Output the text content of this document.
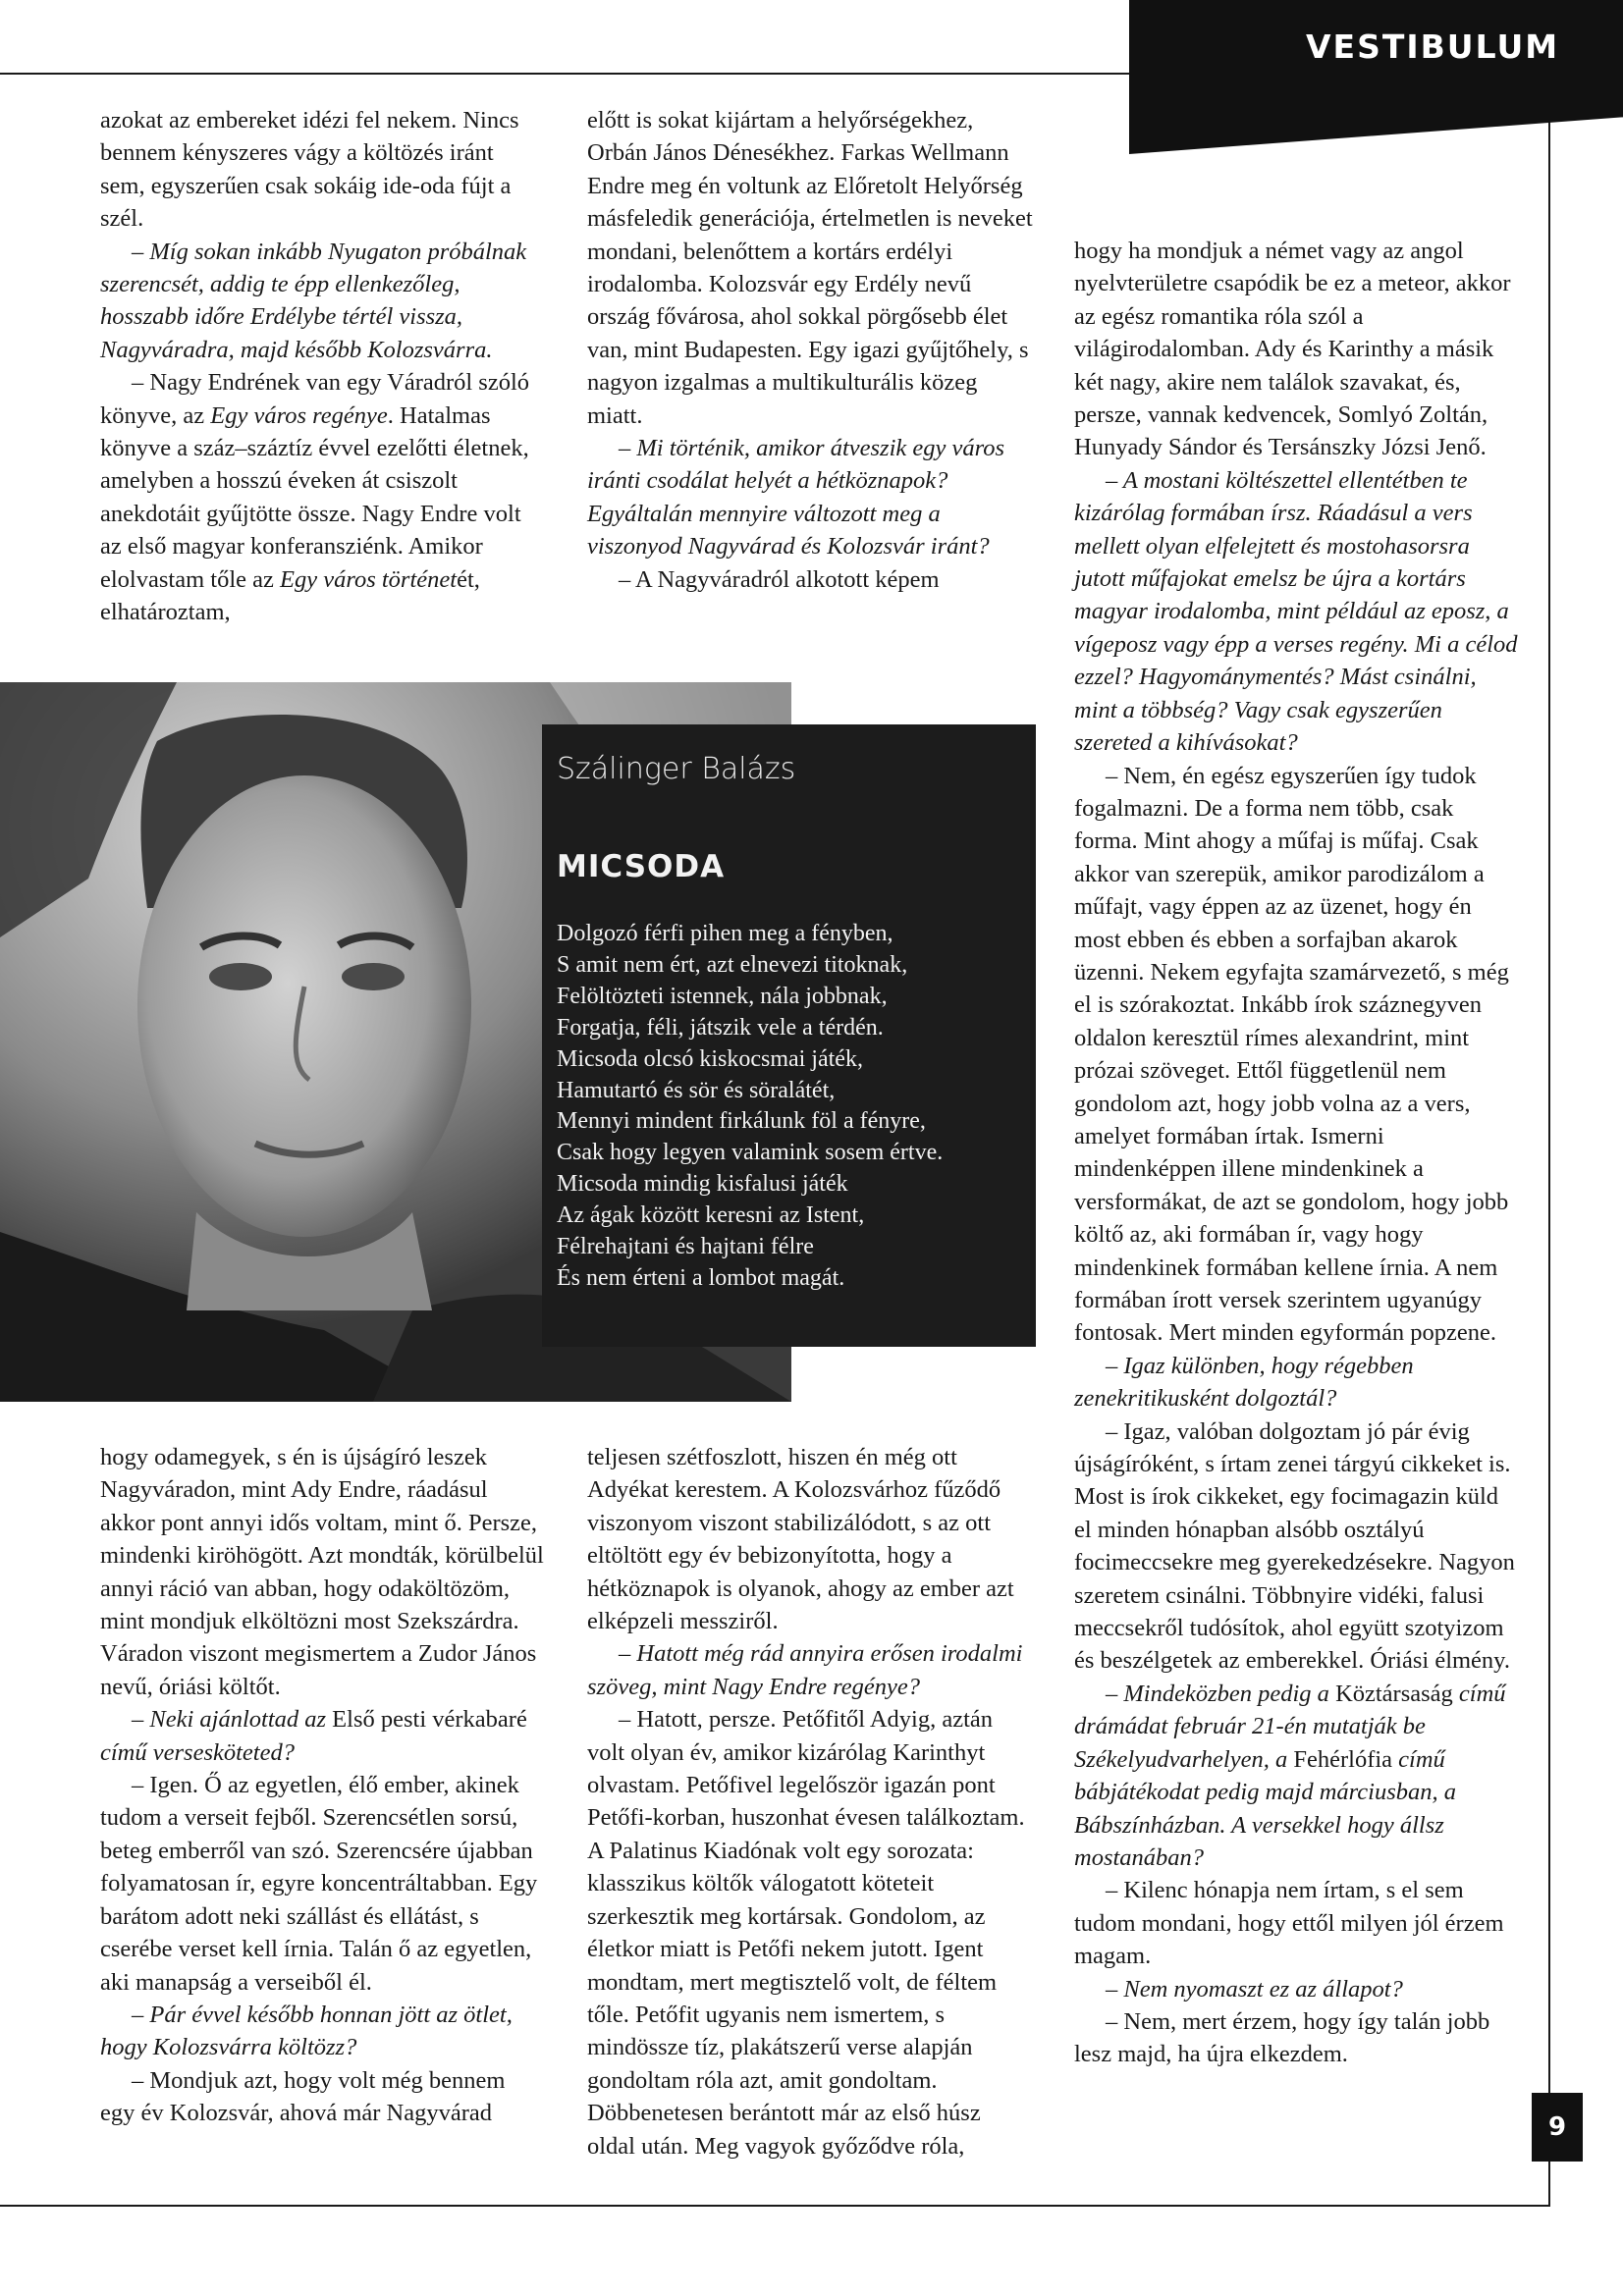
VESTIBULUM

azokat az embereket idézi fel nekem. Nincs bennem kényszeres vágy a költözés iránt sem, egyszerűen csak sokáig ide-oda fújt a szél.

– Míg sokan inkább Nyugaton próbálnak szerencsét, addig te épp ellenkezőleg, hosszabb időre Erdélybe tértél vissza, Nagyváradra, majd később Kolozsvárra.

– Nagy Endrének van egy Váradról szóló könyve, az Egy város regénye. Hatalmas könyve a száz–száztíz évvel ezelőtti életnek, amelyben a hosszú éveken át csiszolt anekdotáit gyűjtötte össze. Nagy Endre volt az első magyar konferansziénk. Amikor elolvastam tőle az Egy város történetét, elhatároztam,

előtt is sokat kijártam a helyőrségekhez, Orbán János Dénesékhez. Farkas Wellmann Endre meg én voltunk az Előretolt Helyőrség másfeledik generációja, értelmetlen is neveket mondani, belenőttem a kortárs erdélyi irodalomba. Kolozsvár egy Erdély nevű ország fővárosa, ahol sokkal pörgősebb élet van, mint Budapesten. Egy igazi gyűjtőhely, s nagyon izgalmas a multikulturális közeg miatt.

– Mi történik, amikor átveszik egy város iránti csodálat helyét a hétköznapok? Egyáltalán mennyire változott meg a viszonyod Nagyvárad és Kolozsvár iránt?

– A Nagyváradról alkotott képem

hogy ha mondjuk a német vagy az angol nyelvterületre csapódik be ez a meteor, akkor az egész romantika róla szól a világirodalomban. Ady és Karinthy a másik két nagy, akire nem találok szavakat, és, persze, vannak kedvencek, Somlyó Zoltán, Hunyady Sándor és Tersánszky Józsi Jenő.

– A mostani költészettel ellentétben te kizárólag formában írsz. Ráadásul a vers mellett olyan elfelejtett és mostohasorsra jutott műfajokat emelsz be újra a kortárs magyar irodalomba, mint például az eposz, a vígeposz vagy épp a verses regény. Mi a célod ezzel? Hagyománymentés? Mást csinálni, mint a többség? Vagy csak egyszerűen szereted a kihívásokat?

– Nem, én egész egyszerűen így tudok fogalmazni. De a forma nem több, csak forma. Mint ahogy a műfaj is műfaj. Csak akkor van szerepük, amikor parodizálom a műfajt, vagy éppen az az üzenet, hogy én most ebben és ebben a sorfajban akarok üzenni. Nekem egyfajta szamárvezető, s még el is szórakoztat. Inkább írok száznegyven oldalon keresztül rímes alexandrint, mint prózai szöveget. Ettől függetlenül nem gondolom azt, hogy jobb volna az a vers, amelyet formában írtak. Ismerni mindenképpen illene mindenkinek a versformákat, de azt se gondolom, hogy jobb költő az, aki formában ír, vagy hogy mindenkinek formában kellene írnia. A nem formában írott versek szerintem ugyanúgy fontosak. Mert minden egyformán popzene.

– Igaz különben, hogy régebben zenekritikusként dolgoztál?

– Igaz, valóban dolgoztam jó pár évig újságíróként, s írtam zenei tárgyú cikkeket is. Most is írok cikkeket, egy focimagazin küld el minden hónapban alsóbb osztályú focimeccsekre meg gyerekedzésekre. Nagyon szeretem csinálni. Többnyire vidéki, falusi meccsekről tudósítok, ahol együtt szotyizom és beszélgetek az emberekkel. Óriási élmény.

– Mindeközben pedig a Köztársaság című drámádat február 21-én mutatják be Székelyudvarhelyen, a Fehérlófia című bábjátékodat pedig majd márciusban, a Bábszínházban. A versekkel hogy állsz mostanában?

– Kilenc hónapja nem írtam, s el sem tudom mondani, hogy ettől milyen jól érzem magam.

– Nem nyomaszt ez az állapot?

– Nem, mert érzem, hogy így talán jobb lesz majd, ha újra elkezdem.

Szálinger Balázs
MICSODA
Dolgozó férfi pihen meg a fényben,
S amit nem ért, azt elnevezi titoknak,
Felöltözteti istennek, nála jobbnak,
Forgatja, féli, játszik vele a térdén.
Micsoda olcsó kiskocsmai játék,
Hamutartó és sör és söralátét,
Mennyi mindent firkálunk föl a fényre,
Csak hogy legyen valamink sosem értve.
Micsoda mindig kisfalusi játék
Az ágak között keresni az Istent,
Félrehajtani és hajtani félre
És nem érteni a lombot magát.

hogy odamegyek, s én is újságíró leszek Nagyváradon, mint Ady Endre, ráadásul akkor pont annyi idős voltam, mint ő. Persze, mindenki kiröhögött. Azt mondták, körülbelül annyi ráció van abban, hogy odaköltözöm, mint mondjuk elköltözni most Szekszárdra. Váradon viszont megismertem a Zudor János nevű, óriási költőt.

– Neki ajánlottad az Első pesti vérkabaré című versesköteted?

– Igen. Ő az egyetlen, élő ember, akinek tudom a verseit fejből. Szerencsétlen sorsú, beteg emberről van szó. Szerencsére újabban folyamatosan ír, egyre koncentráltabban. Egy barátom adott neki szállást és ellátást, s cserébe verset kell írnia. Talán ő az egyetlen, aki manapság a verseiből él.

– Pár évvel később honnan jött az ötlet, hogy Kolozsvárra költözz?

– Mondjuk azt, hogy volt még bennem egy év Kolozsvár, ahová már Nagyvárad

teljesen szétfoszlott, hiszen én még ott Adyékat kerestem. A Kolozsvárhoz fűződő viszonyom viszont stabilizálódott, s az ott eltöltött egy év bebizonyította, hogy a hétköznapok is olyanok, ahogy az ember azt elképzeli messziről.

– Hatott még rád annyira erősen irodalmi szöveg, mint Nagy Endre regénye?

– Hatott, persze. Petőfitől Adyig, aztán volt olyan év, amikor kizárólag Karinthyt olvastam. Petőfivel legelőször igazán pont Petőfi-korban, huszonhat évesen találkoztam. A Palatinus Kiadónak volt egy sorozata: klasszikus költők válogatott köteteit szerkesztik meg kortársak. Gondolom, az életkor miatt is Petőfi nekem jutott. Igent mondtam, mert megtisztelő volt, de féltem tőle. Petőfit ugyanis nem ismertem, s mindössze tíz, plakátszerű verse alapján gondoltam róla azt, amit gondoltam. Döbbenetesen berántott már az első húsz oldal után. Meg vagyok győződve róla,

9
